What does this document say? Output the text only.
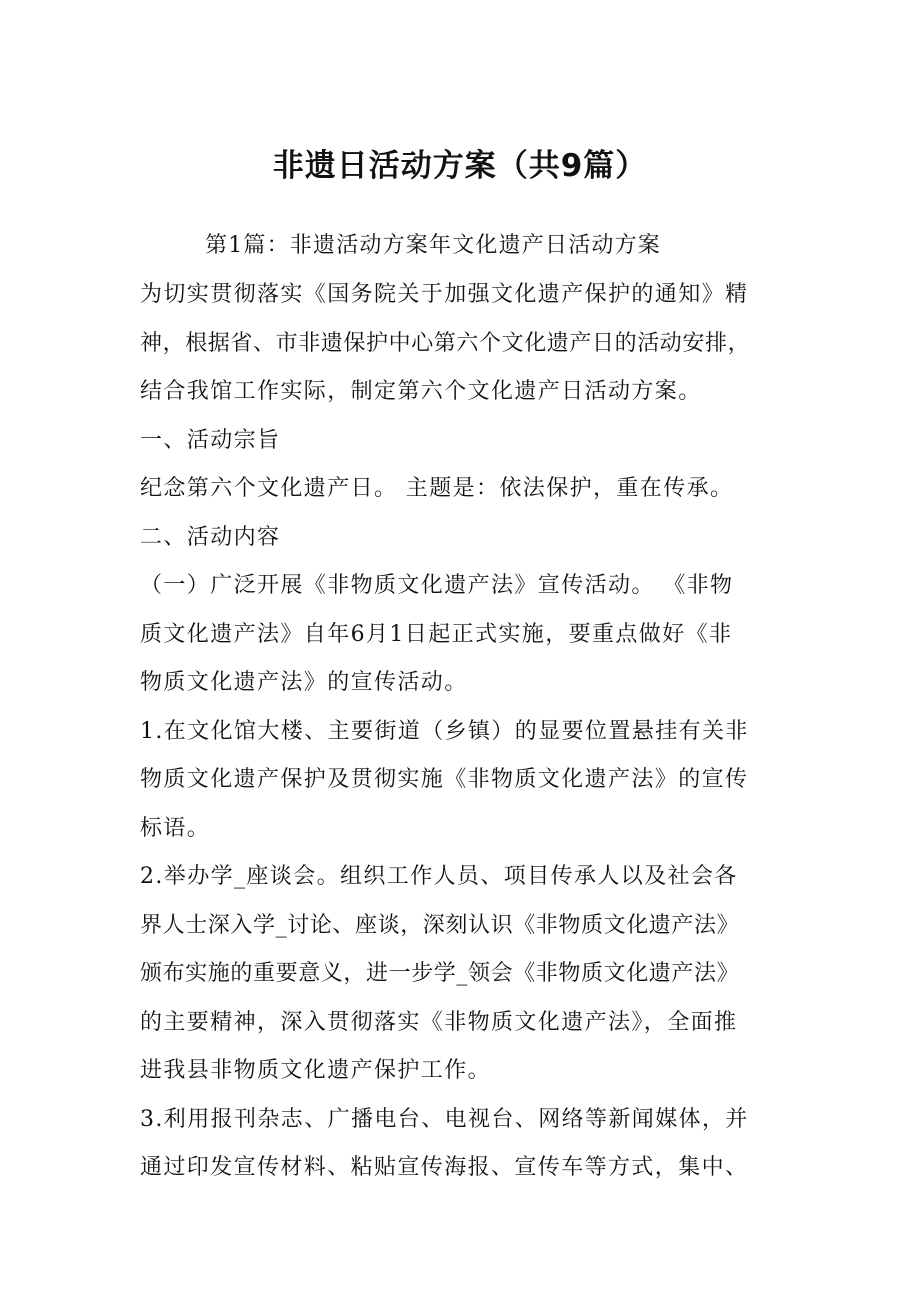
非遗日活动方案（共9篇）
第1篇：非遗活动方案年文化遗产日活动方案
为切实贯彻落实《国务院关于加强文化遗产保护的通知》精
神，根据省、市非遗保护中心第六个文化遗产日的活动安排，
结合我馆工作实际，制定第六个文化遗产日活动方案。
一、活动宗旨
纪念第六个文化遗产日。 主题是：依法保护，重在传承。
二、活动内容
（一）广泛开展《非物质文化遗产法》宣传活动。 《非物
质文化遗产法》自年6月1日起正式实施，要重点做好《非
物质文化遗产法》的宣传活动。
1.在文化馆大楼、主要街道（乡镇）的显要位置悬挂有关非
物质文化遗产保护及贯彻实施《非物质文化遗产法》的宣传
标语。
2.举办学_座谈会。组织工作人员、项目传承人以及社会各
界人士深入学_讨论、座谈，深刻认识《非物质文化遗产法》
颁布实施的重要意义，进一步学_领会《非物质文化遗产法》
的主要精神，深入贯彻落实《非物质文化遗产法》，全面推
进我县非物质文化遗产保护工作。
3.利用报刊杂志、广播电台、电视台、网络等新闻媒体，并
通过印发宣传材料、粘贴宣传海报、宣传车等方式，集中、
